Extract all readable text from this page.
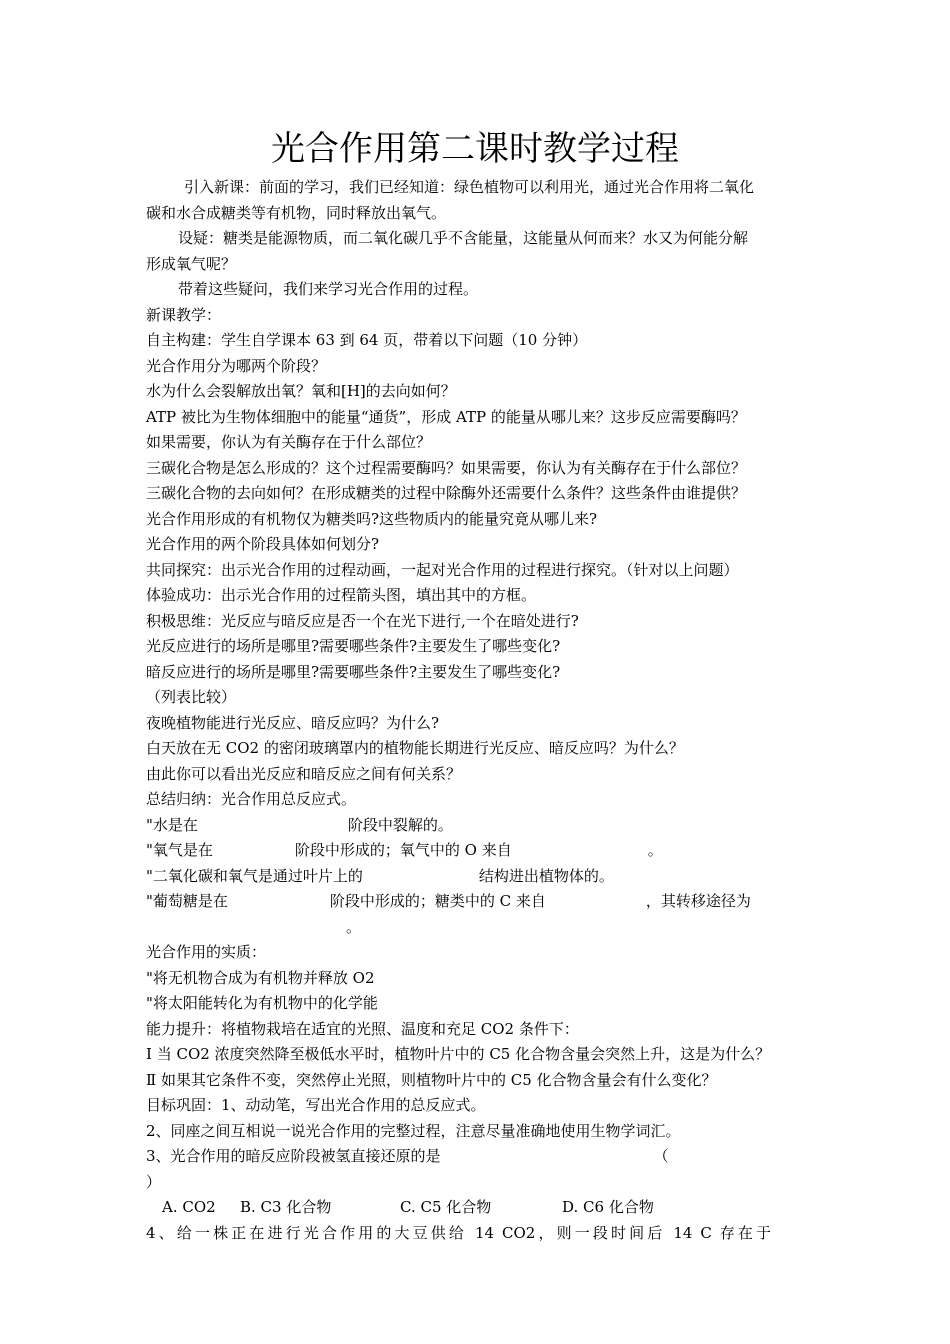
光合作用第二课时教学过程

引入新课：前面的学习，我们已经知道：绿色植物可以利用光，通过光合作用将二氧化

碳和水合成糖类等有机物，同时释放出氧气。

设疑：糖类是能源物质，而二氧化碳几乎不含能量，这能量从何而来？水又为何能分解

形成氧气呢？

带着这些疑问，我们来学习光合作用的过程。

新课教学：

自主构建：学生自学课本 63 到 64 页，带着以下问题（10 分钟）

光合作用分为哪两个阶段？

水为什么会裂解放出氧？氧和[H]的去向如何？

ATP 被比为生物体细胞中的能量“通货”，形成 ATP 的能量从哪儿来？这步反应需要酶吗？

如果需要，你认为有关酶存在于什么部位？

三碳化合物是怎么形成的？这个过程需要酶吗？如果需要，你认为有关酶存在于什么部位？

三碳化合物的去向如何？在形成糖类的过程中除酶外还需要什么条件？这些条件由谁提供？

光合作用形成的有机物仅为糖类吗?这些物质内的能量究竟从哪儿来?

光合作用的两个阶段具体如何划分?

共同探究：出示光合作用的过程动画，一起对光合作用的过程进行探究。（针对以上问题）

体验成功：出示光合作用的过程箭头图，填出其中的方框。

积极思维：光反应与暗反应是否一个在光下进行,一个在暗处进行?

光反应进行的场所是哪里?需要哪些条件?主要发生了哪些变化?

暗反应进行的场所是哪里?需要哪些条件?主要发生了哪些变化?

（列表比较）

夜晚植物能进行光反应、暗反应吗？为什么?

白天放在无 CO2 的密闭玻璃罩内的植物能长期进行光反应、暗反应吗？为什么？

由此你可以看出光反应和暗反应之间有何关系？

总结归纳：光合作用总反应式。

"水是在	阶段中裂解的。

"氧气是在	阶段中形成的；氧气中的 O 来自	。

"二氧化碳和氧气是通过叶片上的	结构进出植物体的。

"葡萄糖是在	阶段中形成的；糖类中的 C 来自	，其转移途径为

。

光合作用的实质：

"将无机物合成为有机物并释放 O2

"将太阳能转化为有机物中的化学能

能力提升：将植物栽培在适宜的光照、温度和充足 CO2 条件下：

Ⅰ 当 CO2 浓度突然降至极低水平时，植物叶片中的 C5 化合物含量会突然上升，这是为什么？

Ⅱ 如果其它条件不变，突然停止光照，则植物叶片中的 C5 化合物含量会有什么变化？

目标巩固：1、动动笔，写出光合作用的总反应式。

2、同座之间互相说一说光合作用的完整过程，注意尽量准确地使用生物学词汇。

3、光合作用的暗反应阶段被氢直接还原的是	（

）

A. CO2 B. C3 化合物	C. C5 化合物	D. C6 化合物

4、给一株正在进行光合作用的大豆供给 14 CO2，则一段时间后 14 C 存在于
